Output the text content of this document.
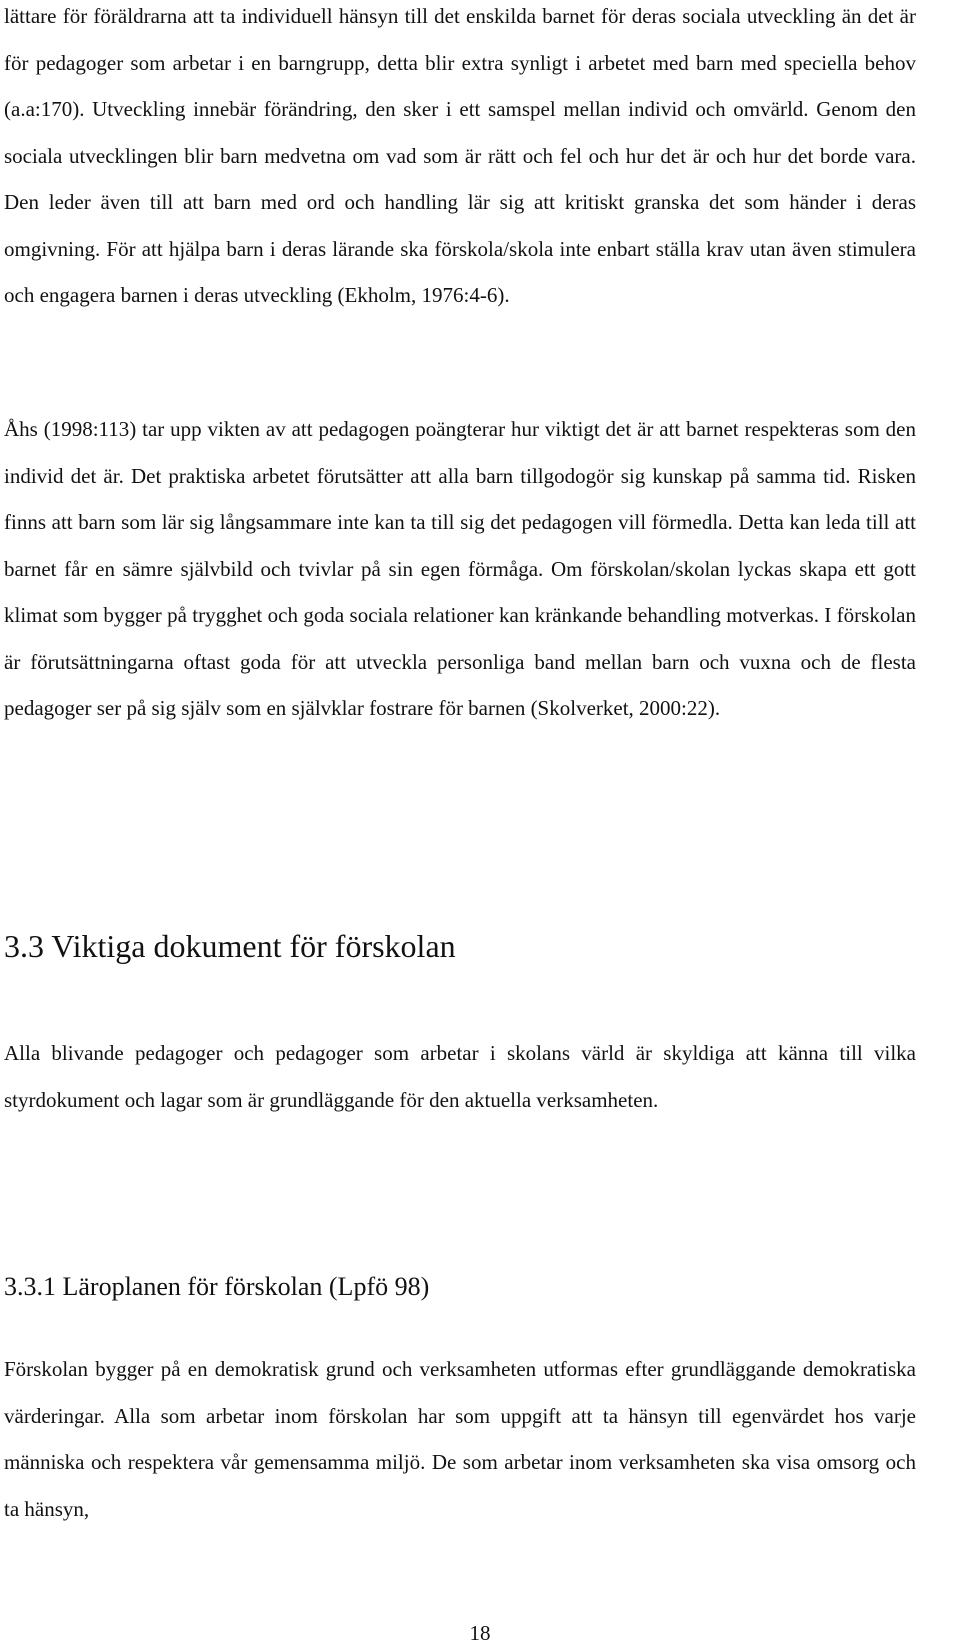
lättare för föräldrarna att ta individuell hänsyn till det enskilda barnet för deras sociala utveckling än det är för pedagoger som arbetar i en barngrupp, detta blir extra synligt i arbetet med barn med speciella behov (a.a:170). Utveckling innebär förändring, den sker i ett samspel mellan individ och omvärld. Genom den sociala utvecklingen blir barn medvetna om vad som är rätt och fel och hur det är och hur det borde vara. Den leder även till att barn med ord och handling lär sig att kritiskt granska det som händer i deras omgivning. För att hjälpa barn i deras lärande ska förskola/skola inte enbart ställa krav utan även stimulera och engagera barnen i deras utveckling (Ekholm, 1976:4-6).

Åhs (1998:113) tar upp vikten av att pedagogen poängterar hur viktigt det är att barnet respekteras som den individ det är. Det praktiska arbetet förutsätter att alla barn tillgodogör sig kunskap på samma tid. Risken finns att barn som lär sig långsammare inte kan ta till sig det pedagogen vill förmedla. Detta kan leda till att barnet får en sämre självbild och tvivlar på sin egen förmåga. Om förskolan/skolan lyckas skapa ett gott klimat som bygger på trygghet och goda sociala relationer kan kränkande behandling motverkas. I förskolan är förutsättningarna oftast goda för att utveckla personliga band mellan barn och vuxna och de flesta pedagoger ser på sig själv som en självklar fostrare för barnen (Skolverket, 2000:22).

3.3 Viktiga dokument för förskolan

Alla blivande pedagoger och pedagoger som arbetar i skolans värld är skyldiga att känna till vilka styrdokument och lagar som är grundläggande för den aktuella verksamheten.

3.3.1 Läroplanen för förskolan (Lpfö 98)

Förskolan bygger på en demokratisk grund och verksamheten utformas efter grundläggande demokratiska värderingar. Alla som arbetar inom förskolan har som uppgift att ta hänsyn till egenvärdet hos varje människa och respektera vår gemensamma miljö. De som arbetar inom verksamheten ska visa omsorg och ta hänsyn,

18
